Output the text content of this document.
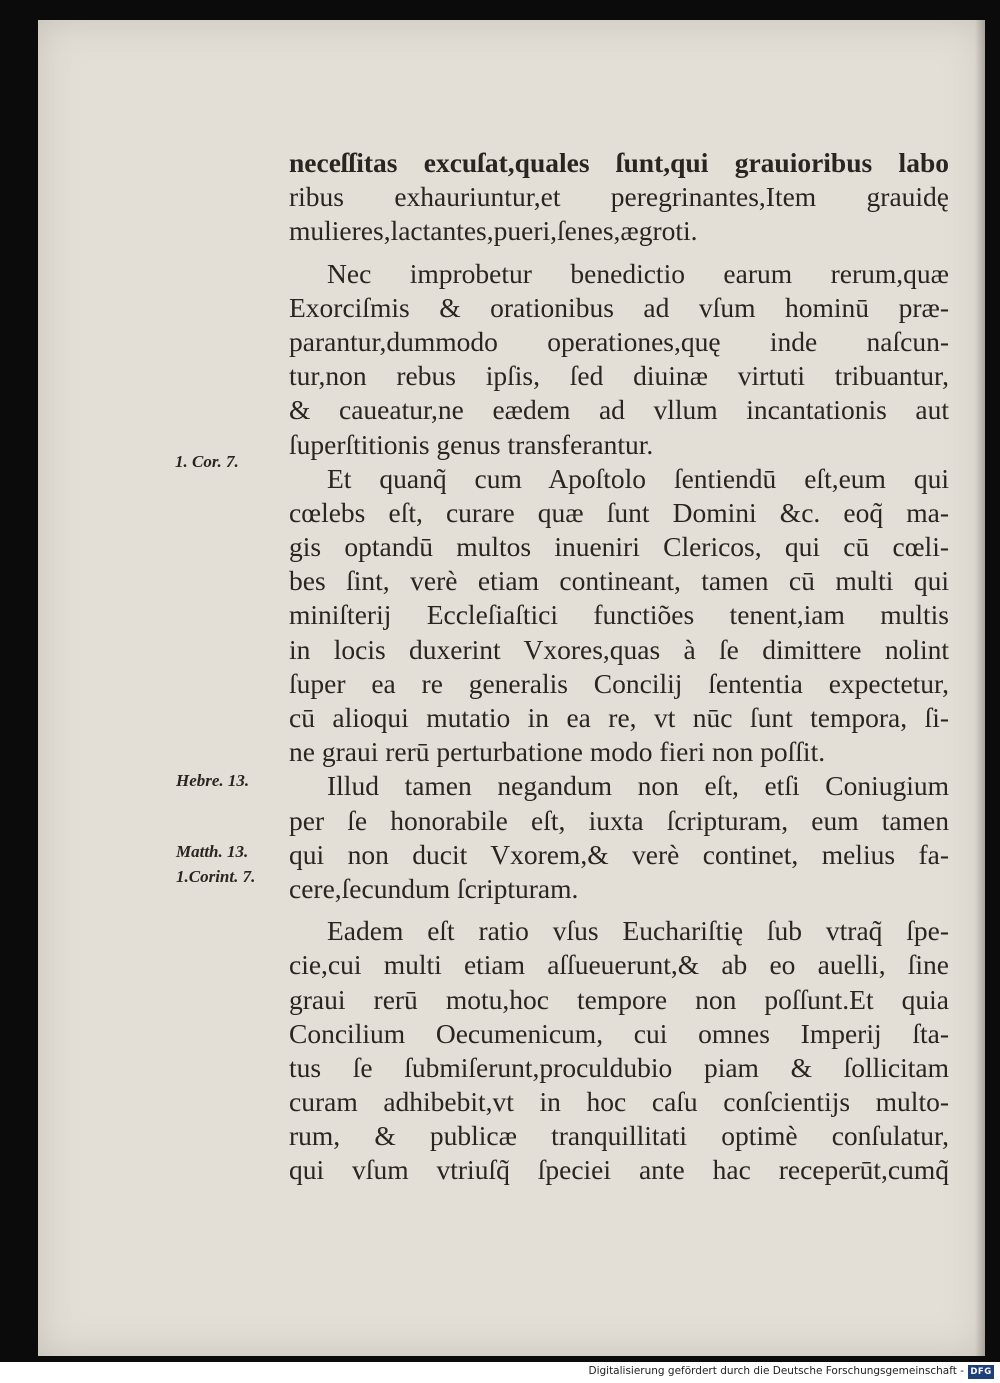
neceſſitas excuſat,quales ſunt,qui grauioribus labo
ribus exhauriuntur,et peregrinantes,Item grauidę
mulieres,lactantes,pueri,ſenes,ægroti.
Nec improbetur benedictio earum rerum,quæ
Exorciſmis & orationibus ad vſum hominū præ-
parantur,dummodo operationes,quę inde naſcun-
tur,non rebus ipſis, ſed diuinæ virtuti tribuantur,
& caueatur,ne eædem ad vllum incantationis aut
ſuperſtitionis genus transferantur.
Et quanq̃ cum Apoſtolo ſentiendū eſt,eum qui
cœlebs eſt, curare quæ ſunt Domini &c. eoq̃ ma-
gis optandū multos inueniri Clericos, qui cū cœli-
bes ſint, verè etiam contineant, tamen cū multi qui
miniſterij Eccleſiaſtici functiões tenent,iam multis
in locis duxerint Vxores,quas à ſe dimittere nolint
ſuper ea re generalis Concilij ſententia expectetur,
cū alioqui mutatio in ea re, vt nūc ſunt tempora, ſi-
ne graui rerū perturbatione modo fieri non poſſit.
Illud tamen negandum non eſt, etſi Coniugium
per ſe honorabile eſt, iuxta ſcripturam, eum tamen
qui non ducit Vxorem,& verè continet, melius fa-
cere,ſecundum ſcripturam.
Eadem eſt ratio vſus Euchariſtię ſub vtraq̃ ſpe-
cie,cui multi etiam aſſueuerunt,& ab eo auelli, ſine
graui rerū motu,hoc tempore non poſſunt.Et quia
Concilium Oecumenicum, cui omnes Imperij ſta-
tus ſe ſubmiſerunt,proculdubio piam & ſollicitam
curam adhibebit,vt in hoc caſu conſcientijs multo-
rum, & publicæ tranquillitati optimè conſulatur,
qui vſum vtriuſq̃ ſpeciei ante hac receperūt,cumq̃
1. Cor. 7.
Hebre. 13.
Matth. 13.
1.Corint. 7.
Digitalisierung gefördert durch die Deutsche Forschungsgemeinschaft - DFG
